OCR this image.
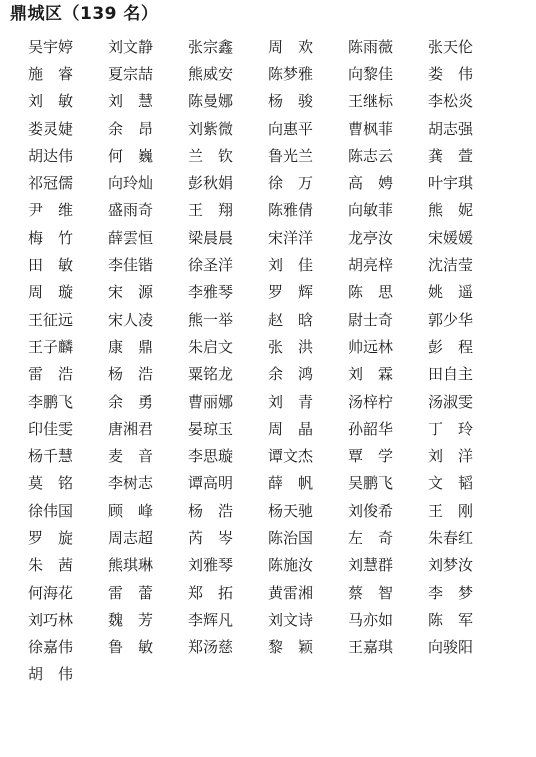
鼎城区（139 名）
吴宇婷	刘文静	张宗鑫	周　欢	陈雨薇	张天伦
施　睿	夏宗喆	熊威安	陈梦雅	向黎佳	娄　伟
刘　敏	刘　慧	陈曼娜	杨　骏	王继标	李松炎
娄灵婕	余　昂	刘紫微	向惠平	曹枫菲	胡志强
胡达伟	何　巍	兰　钦	鲁光兰	陈志云	龚　萱
祁冠儒	向玲灿	彭秋娟	徐　万	高　娉	叶宇琪
尹　维	盛雨奇	王　翔	陈雅倩	向敏菲	熊　妮
梅　竹	薛雲恒	梁晨晨	宋洋洋	龙亭汝	宋媛媛
田　敏	李佳锴	徐圣洋	刘　佳	胡亮梓	沈洁莹
周　璇	宋　源	李雅琴	罗　辉	陈　思	姚　遥
王征远	宋人凌	熊一举	赵　晗	尉士奇	郭少华
王子麟	康　鼎	朱启文	张　洪	帅远林	彭　程
雷　浩	杨　浩	粟铭龙	余　鸿	刘　霖	田自主
李鹏飞	余　勇	曹丽娜	刘　青	汤梓柠	汤淑雯
印佳雯	唐湘君	晏琼玉	周　晶	孙韶华	丁　玲
杨千慧	麦　音	李思璇	谭文杰	覃　学	刘　洋
莫　铭	李树志	谭高明	薛　帆	吴鹏飞	文　韬
徐伟国	顾　峰	杨　浩	杨天驰	刘俊希	王　刚
罗　旋	周志超	芮　岑	陈治国	左　奇	朱春红
朱　茜	熊琪琳	刘雅琴	陈施汝	刘慧群	刘梦汝
何海花	雷　蕾	郑　拓	黄雷湘	蔡　智	李　梦
刘巧林	魏　芳	李辉凡	刘文诗	马亦如	陈　军
徐嘉伟	鲁　敏	郑汤慈	黎　颖	王嘉琪	向骏阳
胡　伟
